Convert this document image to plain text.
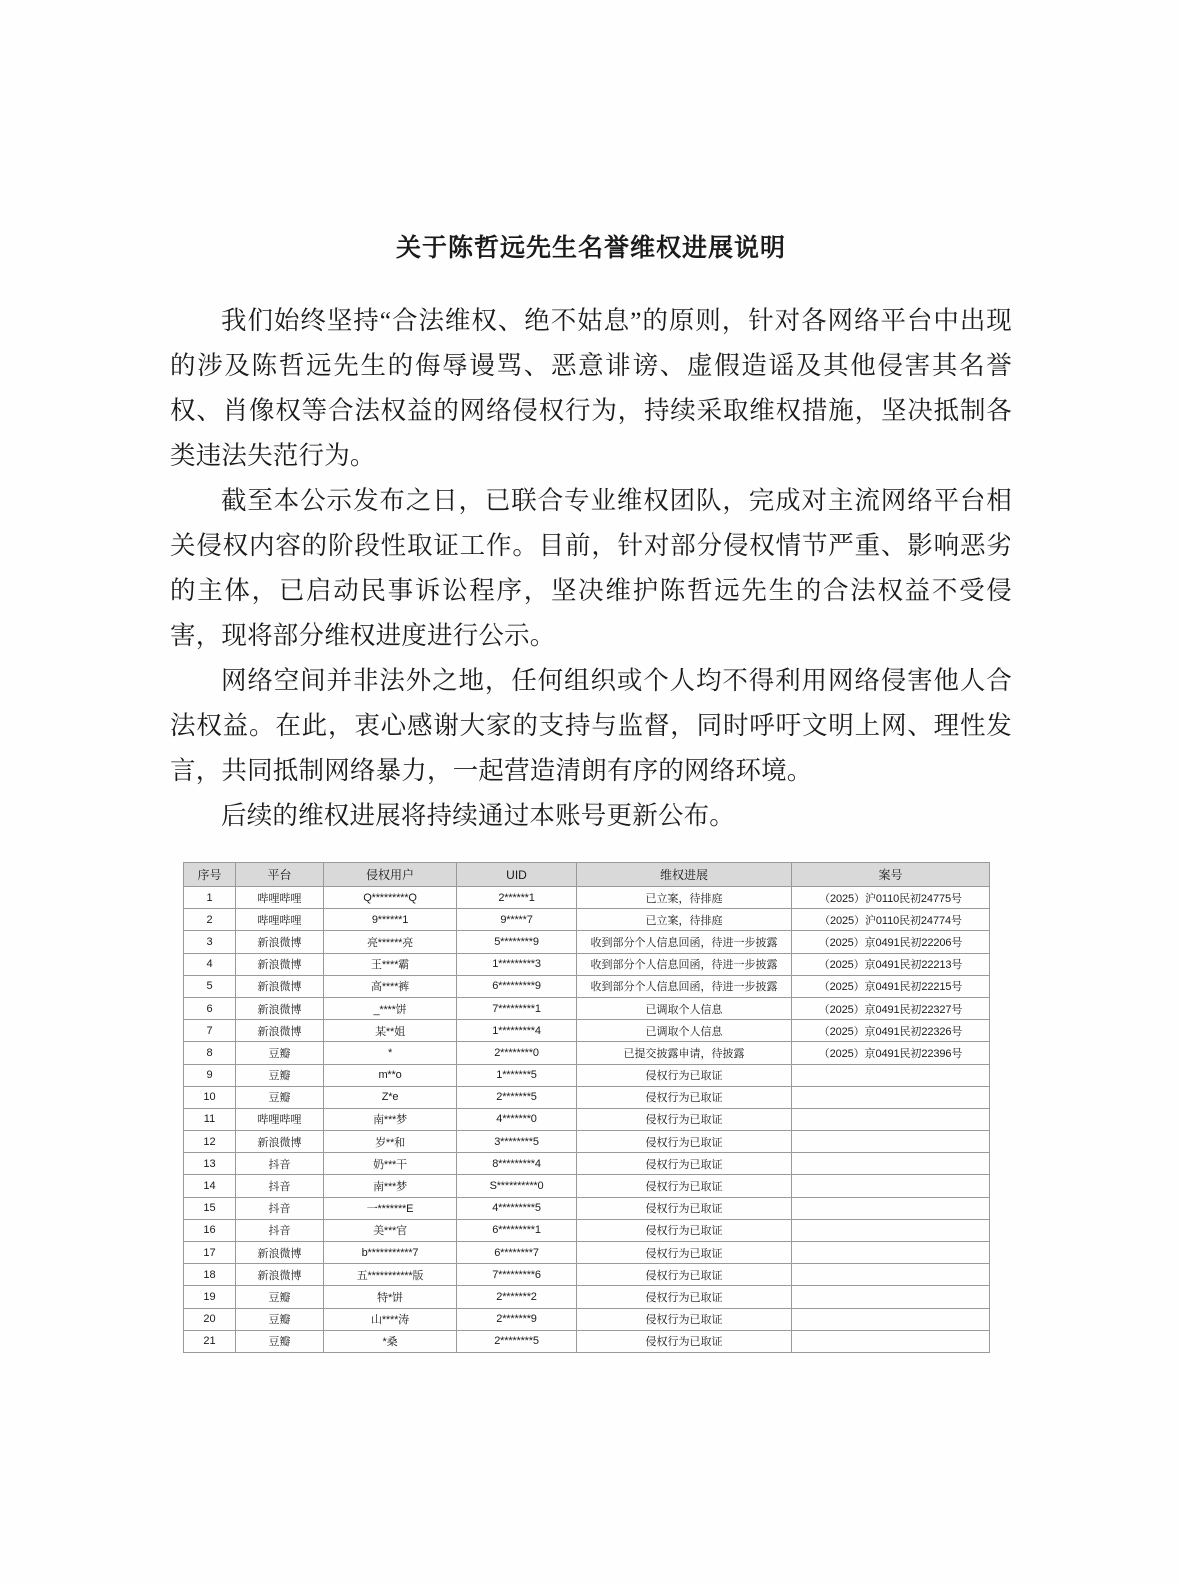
关于陈哲远先生名誉维权进展说明

我们始终坚持“合法维权、绝不姑息”的原则，针对各网络平台中出现的涉及陈哲远先生的侮辱谩骂、恶意诽谤、虚假造谣及其他侵害其名誉权、肖像权等合法权益的网络侵权行为，持续采取维权措施，坚决抵制各类违法失范行为。

截至本公示发布之日，已联合专业维权团队，完成对主流网络平台相关侵权内容的阶段性取证工作。目前，针对部分侵权情节严重、影响恶劣的主体，已启动民事诉讼程序，坚决维护陈哲远先生的合法权益不受侵害，现将部分维权进度进行公示。

网络空间并非法外之地，任何组织或个人均不得利用网络侵害他人合法权益。在此，衷心感谢大家的支持与监督，同时呼吁文明上网、理性发言，共同抵制网络暴力，一起营造清朗有序的网络环境。

后续的维权进展将持续通过本账号更新公布。

序号	平台	侵权用户	UID	维权进展	案号
1	哔哩哔哩	Q*********Q	2******1	已立案，待排庭	（2025）沪0110民初24775号
2	哔哩哔哩	9******1	9*****7	已立案，待排庭	（2025）沪0110民初24774号
3	新浪微博	亮******亮	5********9	收到部分个人信息回函，待进一步披露	（2025）京0491民初22206号
4	新浪微博	王****霸	1*********3	收到部分个人信息回函，待进一步披露	（2025）京0491民初22213号
5	新浪微博	高****裤	6*********9	收到部分个人信息回函，待进一步披露	（2025）京0491民初22215号
6	新浪微博	_****饼	7*********1	已调取个人信息	（2025）京0491民初22327号
7	新浪微博	某**姐	1*********4	已调取个人信息	（2025）京0491民初22326号
8	豆瓣	*	2********0	已提交披露申请，待披露	（2025）京0491民初22396号
9	豆瓣	m**o	1*******5	侵权行为已取证	
10	豆瓣	Z*e	2*******5	侵权行为已取证	
11	哔哩哔哩	南***梦	4*******0	侵权行为已取证	
12	新浪微博	岁**和	3********5	侵权行为已取证	
13	抖音	奶***干	8*********4	侵权行为已取证	
14	抖音	南***梦	S**********0	侵权行为已取证	
15	抖音	一*******E	4*********5	侵权行为已取证	
16	抖音	美***官	6*********1	侵权行为已取证	
17	新浪微博	b***********7	6********7	侵权行为已取证	
18	新浪微博	五***********版	7*********6	侵权行为已取证	
19	豆瓣	特*饼	2*******2	侵权行为已取证	
20	豆瓣	山****涛	2*******9	侵权行为已取证	
21	豆瓣	*桑	2********5	侵权行为已取证	
